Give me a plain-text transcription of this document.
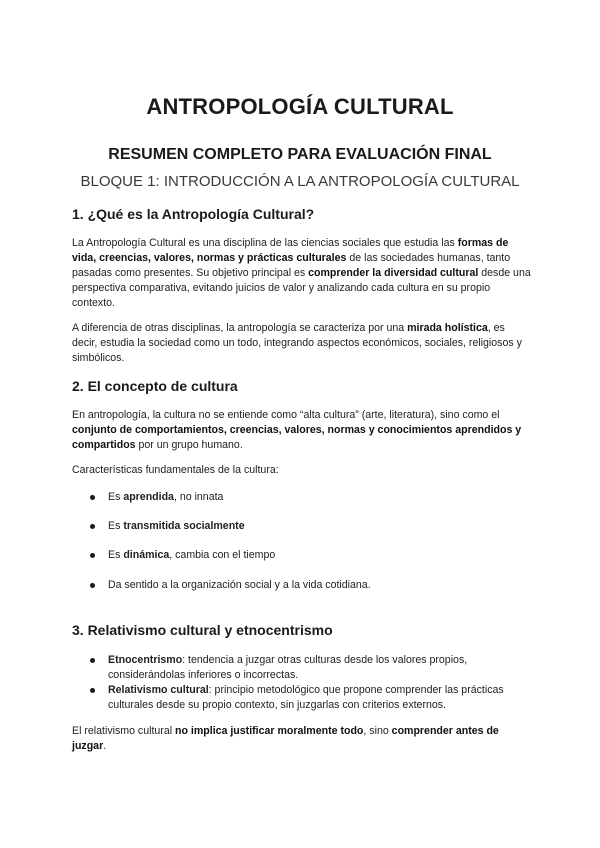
ANTROPOLOGÍA CULTURAL
RESUMEN COMPLETO PARA EVALUACIÓN FINAL
BLOQUE 1: INTRODUCCIÓN A LA ANTROPOLOGÍA CULTURAL
1. ¿Qué es la Antropología Cultural?

La Antropología Cultural es una disciplina de las ciencias sociales que estudia las formas de vida, creencias, valores, normas y prácticas culturales de las sociedades humanas, tanto pasadas como presentes. Su objetivo principal es comprender la diversidad cultural desde una perspectiva comparativa, evitando juicios de valor y analizando cada cultura en su propio contexto.

A diferencia de otras disciplinas, la antropología se caracteriza por una mirada holística, es decir, estudia la sociedad como un todo, integrando aspectos económicos, sociales, religiosos y simbólicos.

2. El concepto de cultura

En antropología, la cultura no se entiende como “alta cultura” (arte, literatura), sino como el conjunto de comportamientos, creencias, valores, normas y conocimientos aprendidos y compartidos por un grupo humano.

Características fundamentales de la cultura:

Es aprendida, no innata
Es transmitida socialmente
Es dinámica, cambia con el tiempo
Da sentido a la organización social y a la vida cotidiana.
3. Relativismo cultural y etnocentrismo
Etnocentrismo: tendencia a juzgar otras culturas desde los valores propios, considerándolas inferiores o incorrectas.
Relativismo cultural: principio metodológico que propone comprender las prácticas culturales desde su propio contexto, sin juzgarlas con criterios externos.

El relativismo cultural no implica justificar moralmente todo, sino comprender antes de juzgar.
